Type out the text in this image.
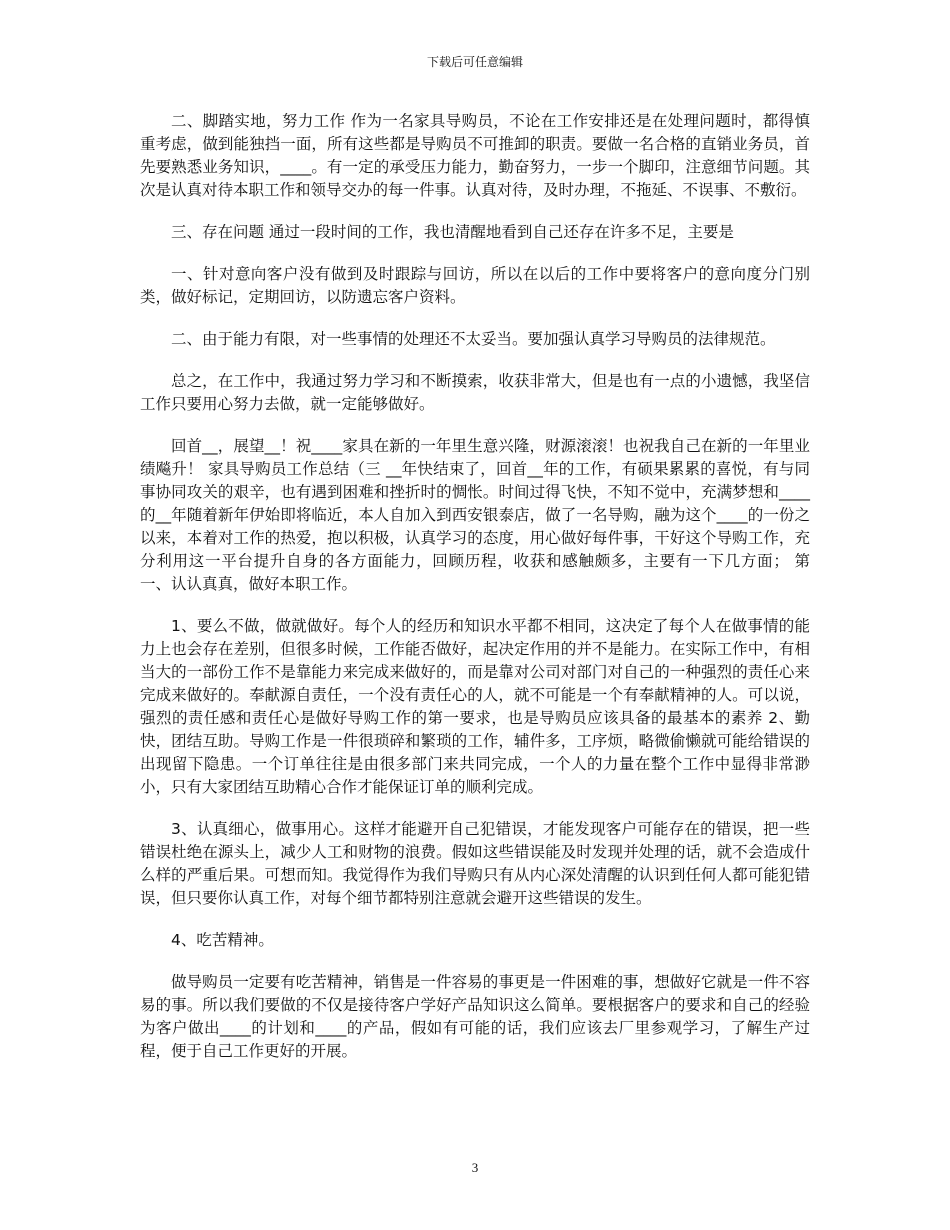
下载后可任意编辑

二、脚踏实地，努力工作 作为一名家具导购员，不论在工作安排还是在处理问题时，都得慎重考虑，做到能独挡一面，所有这些都是导购员不可推卸的职责。要做一名合格的直销业务员，首先要熟悉业务知识，____。有一定的承受压力能力，勤奋努力，一步一个脚印，注意细节问题。其次是认真对待本职工作和领导交办的每一件事。认真对待，及时办理，不拖延、不误事、不敷衍。

三、存在问题 通过一段时间的工作，我也清醒地看到自己还存在许多不足，主要是

一、针对意向客户没有做到及时跟踪与回访，所以在以后的工作中要将客户的意向度分门别类，做好标记，定期回访，以防遗忘客户资料。

二、由于能力有限，对一些事情的处理还不太妥当。要加强认真学习导购员的法律规范。

总之，在工作中，我通过努力学习和不断摸索，收获非常大，但是也有一点的小遗憾，我坚信工作只要用心努力去做，就一定能够做好。

回首__，展望__！祝____家具在新的一年里生意兴隆，财源滚滚！也祝我自己在新的一年里业绩飚升！ 家具导购员工作总结（三 __年快结束了，回首__年的工作，有硕果累累的喜悦，有与同事协同攻关的艰辛，也有遇到困难和挫折时的惆怅。时间过得飞快，不知不觉中，充满梦想和____的__年随着新年伊始即将临近，本人自加入到西安银泰店，做了一名导购，融为这个____的一份之以来，本着对工作的热爱，抱以积极，认真学习的态度，用心做好每件事，干好这个导购工作，充分利用这一平台提升自身的各方面能力，回顾历程，收获和感触颇多，主要有一下几方面； 第一、认认真真，做好本职工作。

1、要么不做，做就做好。每个人的经历和知识水平都不相同，这决定了每个人在做事情的能力上也会存在差别，但很多时候，工作能否做好，起决定作用的并不是能力。在实际工作中，有相当大的一部份工作不是靠能力来完成来做好的，而是靠对公司对部门对自己的一种强烈的责任心来完成来做好的。奉献源自责任，一个没有责任心的人，就不可能是一个有奉献精神的人。可以说，强烈的责任感和责任心是做好导购工作的第一要求，也是导购员应该具备的最基本的素养 2、勤快，团结互助。导购工作是一件很琐碎和繁琐的工作，辅件多，工序烦，略微偷懒就可能给错误的出现留下隐患。一个订单往往是由很多部门来共同完成，一个人的力量在整个工作中显得非常渺小，只有大家团结互助精心合作才能保证订单的顺利完成。

3、认真细心，做事用心。这样才能避开自己犯错误，才能发现客户可能存在的错误，把一些错误杜绝在源头上，减少人工和财物的浪费。假如这些错误能及时发现并处理的话，就不会造成什么样的严重后果。可想而知。我觉得作为我们导购只有从内心深处清醒的认识到任何人都可能犯错误，但只要你认真工作，对每个细节都特别注意就会避开这些错误的发生。

4、吃苦精神。

做导购员一定要有吃苦精神，销售是一件容易的事更是一件困难的事，想做好它就是一件不容易的事。所以我们要做的不仅是接待客户学好产品知识这么简单。要根据客户的要求和自己的经验为客户做出____的计划和____的产品，假如有可能的话，我们应该去厂里参观学习，了解生产过程，便于自己工作更好的开展。

3
